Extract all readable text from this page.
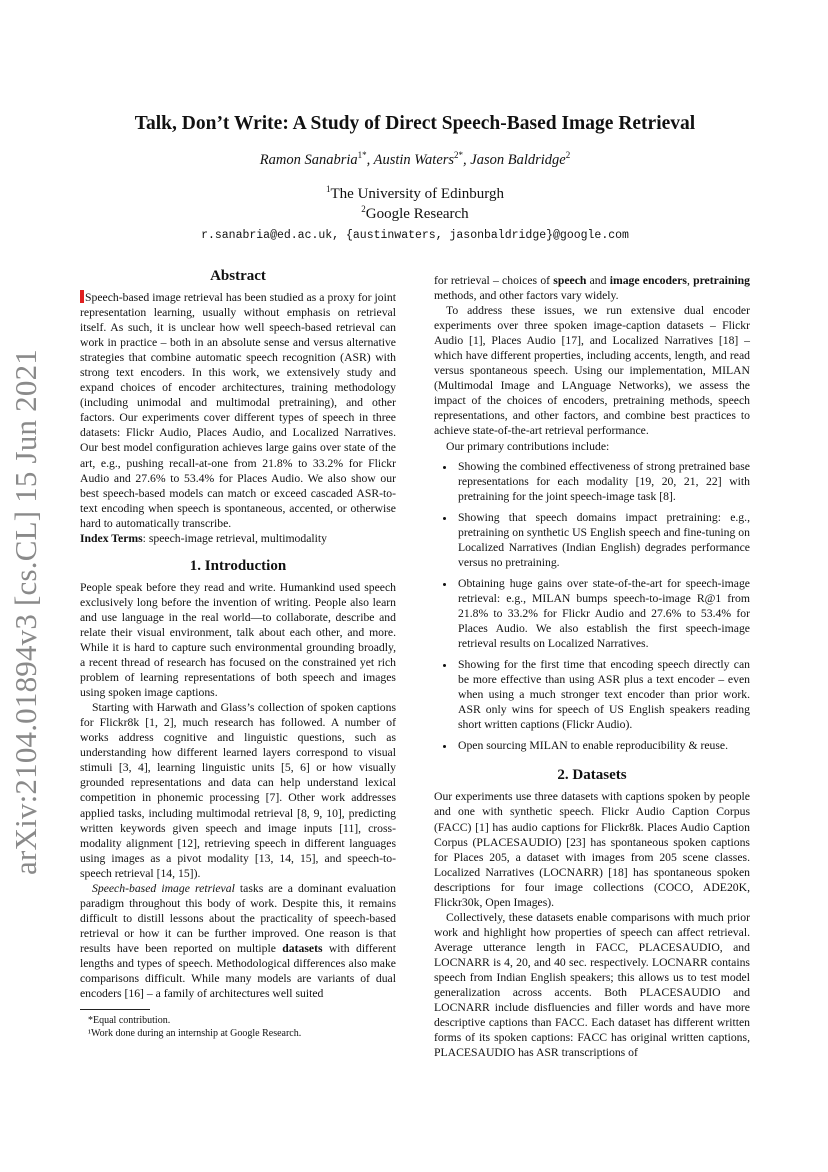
arXiv:2104.01894v3 [cs.CL] 15 Jun 2021
Talk, Don’t Write: A Study of Direct Speech-Based Image Retrieval
Ramon Sanabria$^{1*}$, Austin Waters$^{2*}$, Jason Baldridge$^2$
$^1$The University of Edinburgh
$^2$Google Research
r.sanabria@ed.ac.uk, {austinwaters, jasonbaldridge}@google.com
Abstract

Speech-based image retrieval has been studied as a proxy for joint representation learning, usually without emphasis on retrieval itself. As such, it is unclear how well speech-based retrieval can work in practice – both in an absolute sense and versus alternative strategies that combine automatic speech recognition (ASR) with strong text encoders. In this work, we extensively study and expand choices of encoder architectures, training methodology (including unimodal and multimodal pretraining), and other factors. Our experiments cover different types of speech in three datasets: Flickr Audio, Places Audio, and Localized Narratives. Our best model configuration achieves large gains over state of the art, e.g., pushing recall-at-one from 21.8% to 33.2% for Flickr Audio and 27.6% to 53.4% for Places Audio. We also show our best speech-based models can match or exceed cascaded ASR-to-text encoding when speech is spontaneous, accented, or otherwise hard to automatically transcribe.

Index Terms: speech-image retrieval, multimodality

1. Introduction

People speak before they read and write. Humankind used speech exclusively long before the invention of writing. People also learn and use language in the real world—to collaborate, describe and relate their visual environment, talk about each other, and more. While it is hard to capture such environmental grounding broadly, a recent thread of research has focused on the constrained yet rich problem of learning representations of both speech and images using spoken image captions.

Starting with Harwath and Glass’s collection of spoken captions for Flickr8k [1, 2], much research has followed. A number of works address cognitive and linguistic questions, such as understanding how different learned layers correspond to visual stimuli [3, 4], learning linguistic units [5, 6] or how visually grounded representations and data can help understand lexical competition in phonemic processing [7]. Other work addresses applied tasks, including multimodal retrieval [8, 9, 10], predicting written keywords given speech and image inputs [11], cross-modality alignment [12], retrieving speech in different languages using images as a pivot modality [13, 14, 15], and speech-to-speech retrieval [14, 15]).

Speech-based image retrieval tasks are a dominant evaluation paradigm throughout this body of work. Despite this, it remains difficult to distill lessons about the practicality of speech-based retrieval or how it can be further improved. One reason is that results have been reported on multiple datasets with different lengths and types of speech. Methodological differences also make comparisons difficult. While many models are variants of dual encoders [16] – a family of architectures well suited

*Equal contribution.
¹Work done during an internship at Google Research.

for retrieval – choices of speech and image encoders, pretraining methods, and other factors vary widely.

To address these issues, we run extensive dual encoder experiments over three spoken image-caption datasets – Flickr Audio [1], Places Audio [17], and Localized Narratives [18] – which have different properties, including accents, length, and read versus spontaneous speech. Using our implementation, MILAN (Multimodal Image and LAnguage Networks), we assess the impact of the choices of encoders, pretraining methods, speech representations, and other factors, and combine best practices to achieve state-of-the-art retrieval performance.

Our primary contributions include:

• Showing the combined effectiveness of strong pretrained base representations for each modality [19, 20, 21, 22] with pretraining for the joint speech-image task [8].
• Showing that speech domains impact pretraining: e.g., pretraining on synthetic US English speech and fine-tuning on Localized Narratives (Indian English) degrades performance versus no pretraining.
• Obtaining huge gains over state-of-the-art for speech-image retrieval: e.g., MILAN bumps speech-to-image R@1 from 21.8% to 33.2% for Flickr Audio and 27.6% to 53.4% for Places Audio. We also establish the first speech-image retrieval results on Localized Narratives.
• Showing for the first time that encoding speech directly can be more effective than using ASR plus a text encoder – even when using a much stronger text encoder than prior work. ASR only wins for speech of US English speakers reading short written captions (Flickr Audio).
• Open sourcing MILAN to enable reproducibility & reuse.
2. Datasets

Our experiments use three datasets with captions spoken by people and one with synthetic speech. Flickr Audio Caption Corpus (FACC) [1] has audio captions for Flickr8k. Places Audio Caption Corpus (PLACESAUDIO) [23] has spontaneous spoken captions for Places 205, a dataset with images from 205 scene classes. Localized Narratives (LOCNARR) [18] has spontaneous spoken descriptions for four image collections (COCO, ADE20K, Flickr30k, Open Images).

Collectively, these datasets enable comparisons with much prior work and highlight how properties of speech can affect retrieval. Average utterance length in FACC, PLACESAUDIO, and LOCNARR is 4, 20, and 40 sec. respectively. LOCNARR contains speech from Indian English speakers; this allows us to test model generalization across accents. Both PLACESAUDIO and LOCNARR include disfluencies and filler words and have more descriptive captions than FACC. Each dataset has different written forms of its spoken captions: FACC has original written captions, PLACESAUDIO has ASR transcriptions of
